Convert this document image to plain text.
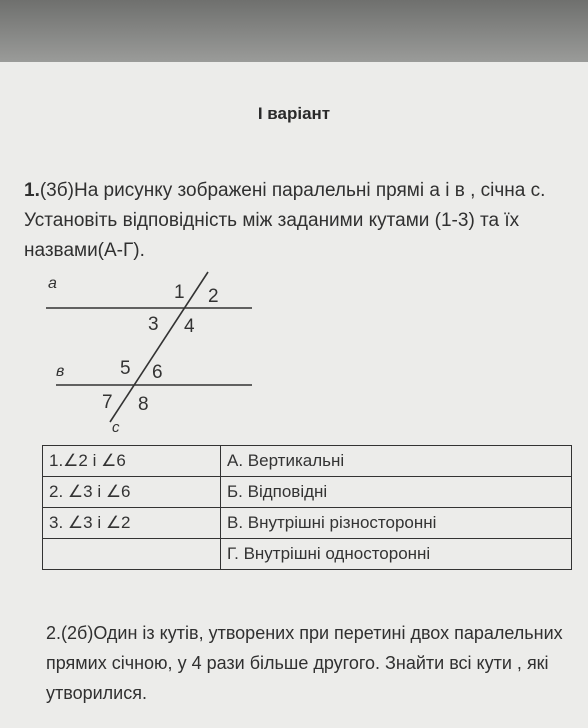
I варіант
1.(3б)На рисунку зображені паралельні прямі а і в , січна с. Установіть відповідність між заданими кутами (1-3) та їх назвами(А-Г).
а
в
с
1 2
3 4
5 6
7 8
1.∠2 і ∠6	А. Вертикальні
2. ∠3 і ∠6	Б. Відповідні
3. ∠3 і ∠2	В. Внутрішні різносторонні
	Г. Внутрішні односторонні
2.(2б)Один із кутів, утворених при перетині двох паралельних прямих січною, у 4 рази більше другого. Знайти всі кути , які утворилися.
